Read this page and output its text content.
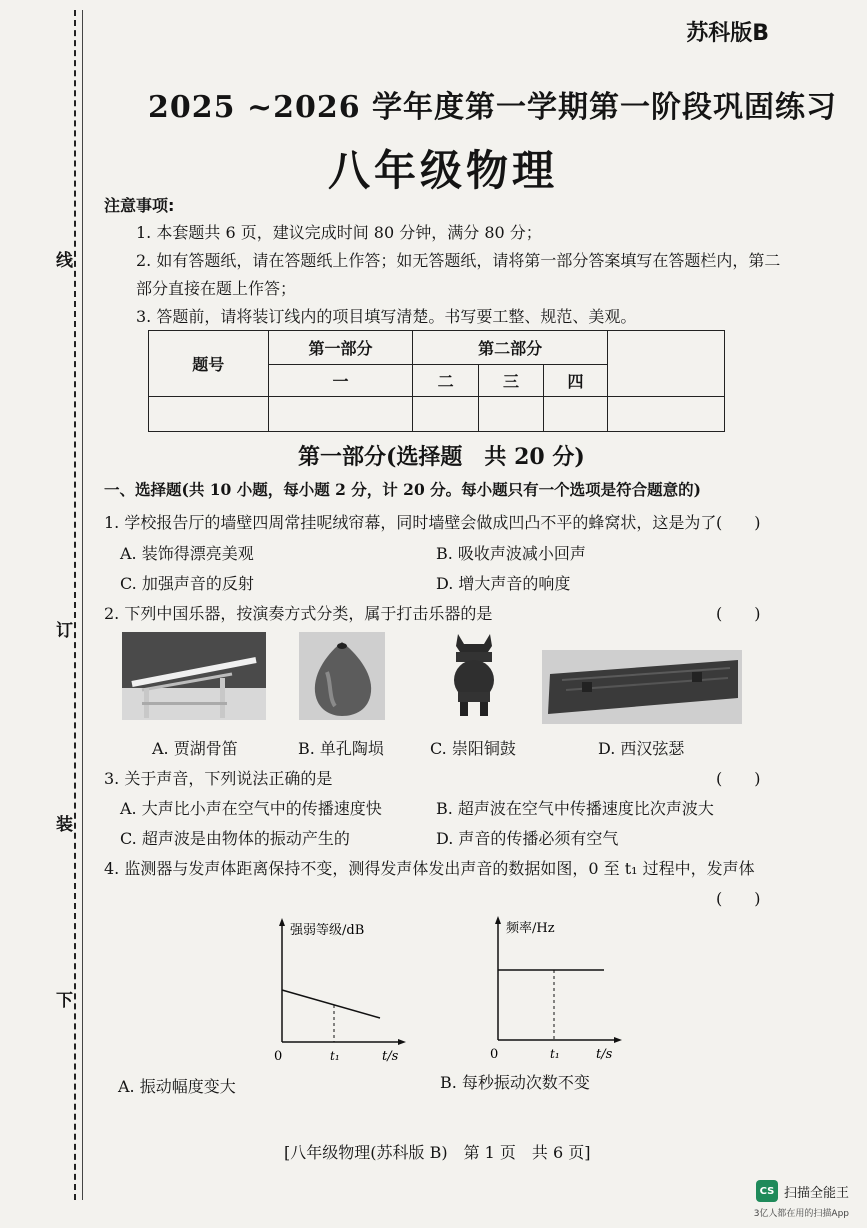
线
订
装
下
苏科版B
2025 ~2026 学年度第一学期第一阶段巩固练习
八年级物理
注意事项:
1. 本套题共 6 页，建议完成时间 80 分钟，满分 80 分；
2. 如有答题纸，请在答题纸上作答；如无答题纸，请将第一部分答案填写在答题栏内，第二
部分直接在题上作答；
3. 答题前，请将装订线内的项目填写清楚。书写要工整、规范、美观。
题号	第一部分	第二部分			
	一	二	三	四	

第一部分(选择题　共 20 分)
一、选择题(共 10 小题，每小题 2 分，计 20 分。每小题只有一个选项是符合题意的)
1. 学校报告厅的墙壁四周常挂呢绒帘幕，同时墙壁会做成凹凸不平的蜂窝状，这是为了 (　　)
A. 装饰得漂亮美观	B. 吸收声波减小回声
C. 加强声音的反射	D. 增大声音的响度
2. 下列中国乐器，按演奏方式分类，属于打击乐器的是	(　　)
A. 贾湖骨笛	B. 单孔陶埙	C. 崇阳铜鼓	D. 西汉弦瑟
3. 关于声音，下列说法正确的是	(　　)
A. 大声比小声在空气中的传播速度快	B. 超声波在空气中传播速度比次声波大
C. 超声波是由物体的振动产生的	D. 声音的传播必须有空气
4. 监测器与发声体距离保持不变，测得发声体发出声音的数据如图，0 至 t₁ 过程中，发声体
(　　)
强弱等级/dB
0	t₁	t/s
频率/Hz
0	t₁	t/s
A. 振动幅度变大	B. 每秒振动次数不变
[八年级物理(苏科版 B)　第 1 页　共 6 页]
CS 扫描全能王
3亿人都在用的扫描App
